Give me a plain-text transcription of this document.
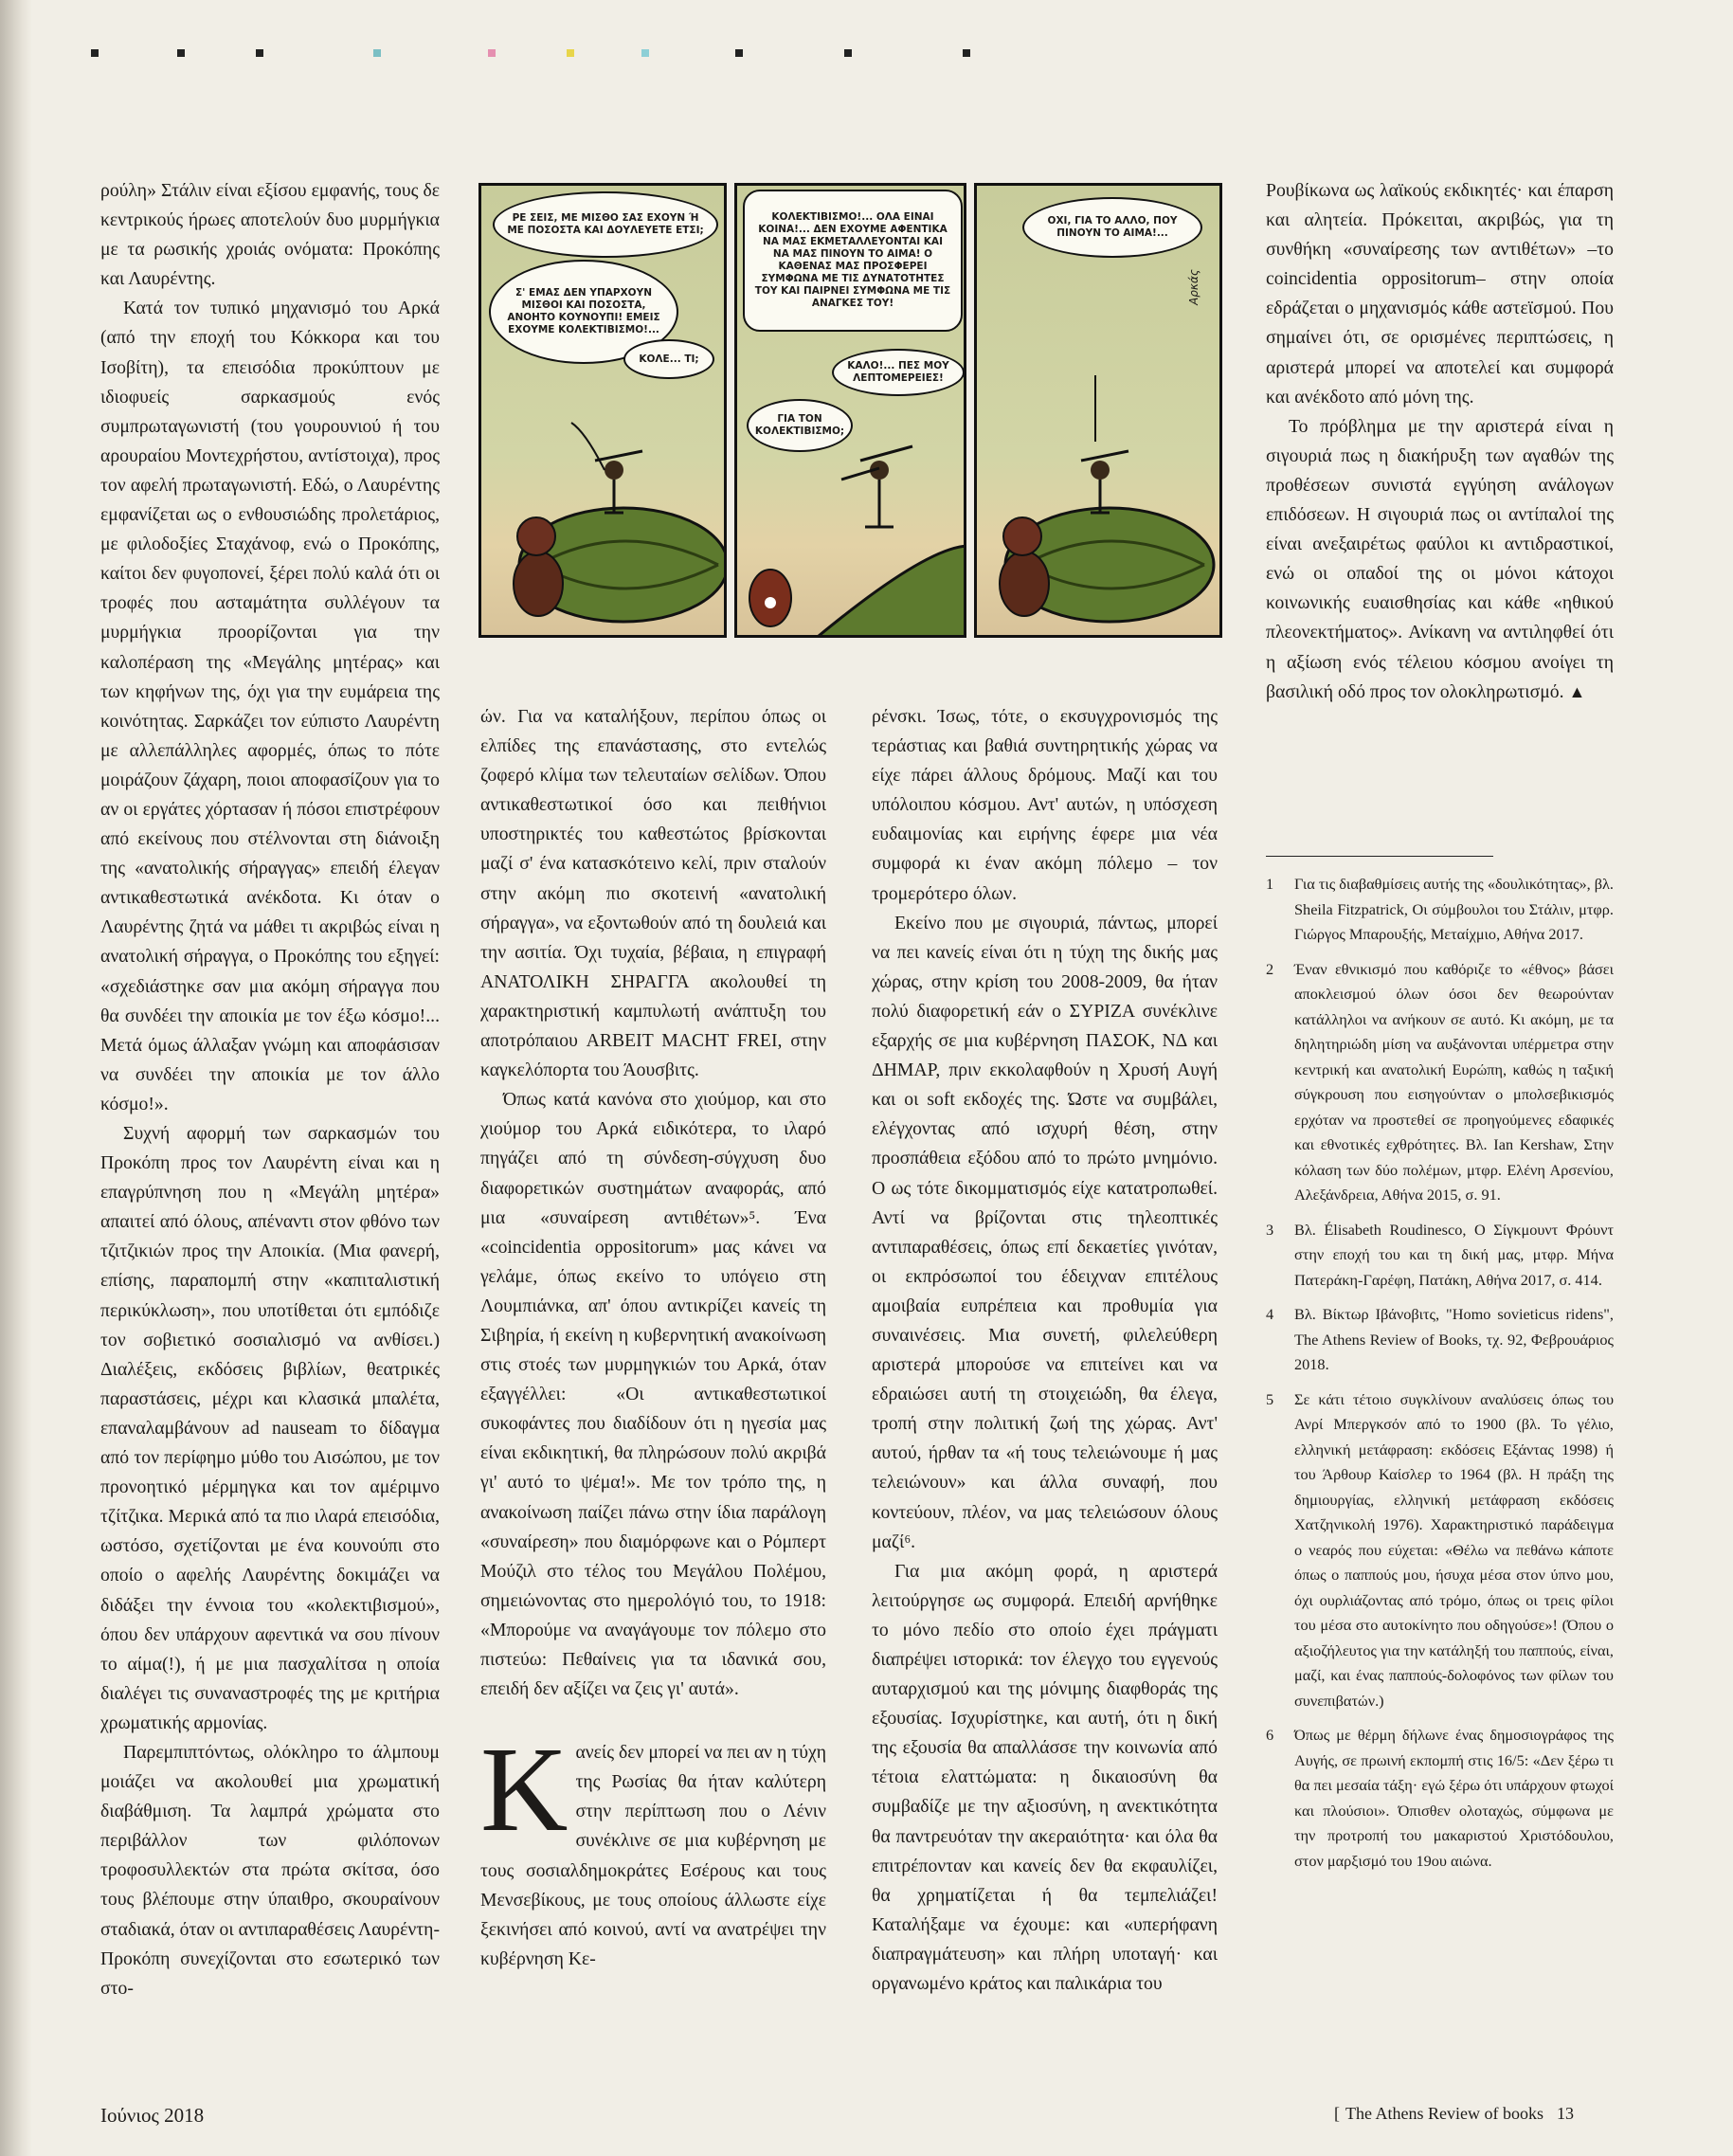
ρούλη» Στάλιν είναι εξίσου εμφανής, τους δε κεντρικούς ήρωες αποτελούν δυο μυρμήγκια με τα ρωσικής χροιάς ονόματα: Προκόπης και Λαυρέντης.

Κατά τον τυπικό μηχανισμό του Αρκά (από την εποχή του Κόκκορα και του Ισοβίτη), τα επεισόδια προκύπτουν με ιδιοφυείς σαρκασμούς ενός συμπρωταγωνιστή (του γουρουνιού ή του αρουραίου Μοντεχρήστου, αντίστοιχα), προς τον αφελή πρωταγωνιστή. Εδώ, ο Λαυρέντης εμφανίζεται ως ο ενθουσιώδης προλετάριος, με φιλοδοξίες Σταχάνοφ, ενώ ο Προκόπης, καίτοι δεν φυγοπονεί, ξέρει πολύ καλά ότι οι τροφές που ασταμάτητα συλλέγουν τα μυρμήγκια προορίζονται για την καλοπέραση της «Μεγάλης μητέρας» και των κηφήνων της, όχι για την ευμάρεια της κοινότητας. Σαρκάζει τον εύπιστο Λαυρέντη με αλλεπάλληλες αφορμές, όπως το πότε μοιράζουν ζάχαρη, ποιοι αποφασίζουν για το αν οι εργάτες χόρτασαν ή πόσοι επιστρέφουν από εκείνους που στέλνονται στη διάνοιξη της «ανατολικής σήραγγας» επειδή έλεγαν αντικαθεστωτικά ανέκδοτα. Κι όταν ο Λαυρέντης ζητά να μάθει τι ακριβώς είναι η ανατολική σήραγγα, ο Προκόπης του εξηγεί: «σχεδιάστηκε σαν μια ακόμη σήραγγα που θα συνδέει την αποικία με τον έξω κόσμο!... Μετά όμως άλλαξαν γνώμη και αποφάσισαν να συνδέει την αποικία με τον άλλο κόσμο!».

Συχνή αφορμή των σαρκασμών του Προκόπη προς τον Λαυρέντη είναι και η επαγρύπνηση που η «Μεγάλη μητέρα» απαιτεί από όλους, απέναντι στον φθόνο των τζιτζικιών προς την Αποικία. (Μια φανερή, επίσης, παραπομπή στην «καπιταλιστική περικύκλωση», που υποτίθεται ότι εμπόδιζε τον σοβιετικό σοσιαλισμό να ανθίσει.) Διαλέξεις, εκδόσεις βιβλίων, θεατρικές παραστάσεις, μέχρι και κλασικά μπαλέτα, επαναλαμβάνουν ad nauseam το δίδαγμα από τον περίφημο μύθο του Αισώπου, με τον προνοητικό μέρμηγκα και τον αμέριμνο τζίτζικα. Μερικά από τα πιο ιλαρά επεισόδια, ωστόσο, σχετίζονται με ένα κουνούπι στο οποίο ο αφελής Λαυρέντης δοκιμάζει να διδάξει την έννοια του «κολεκτιβισμού», όπου δεν υπάρχουν αφεντικά να σου πίνουν το αίμα(!), ή με μια πασχαλίτσα η οποία διαλέγει τις συναναστροφές της με κριτήρια χρωματικής αρμονίας.

Παρεμπιπτόντως, ολόκληρο το άλμπουμ μοιάζει να ακολουθεί μια χρωματική διαβάθμιση. Τα λαμπρά χρώματα στο περιβάλλον των φιλόπονων τροφοσυλλεκτών στα πρώτα σκίτσα, όσο τους βλέπουμε στην ύπαιθρο, σκουραίνουν σταδιακά, όταν οι αντιπαραθέσεις Λαυρέντη-Προκόπη συνεχίζονται στο εσωτερικό των στο-

ΡΕ ΣΕΙΣ, ΜΕ ΜΙΣΘΟ ΣΑΣ ΕΧΟΥΝ Ή ΜΕ ΠΟΣΟΣΤΑ ΚΑΙ ΔΟΥΛΕΥΕΤΕ ΕΤΣΙ;
Σ' ΕΜΑΣ ΔΕΝ ΥΠΑΡΧΟΥΝ ΜΙΣΘΟΙ ΚΑΙ ΠΟΣΟΣΤΑ, ΑΝΟΗΤΟ ΚΟΥΝΟΥΠΙ! ΕΜΕΙΣ ΕΧΟΥΜΕ ΚΟΛΕΚΤΙΒΙΣΜΟ!...
ΚΟΛΕ... ΤΙ;
ΚΟΛΕΚΤΙΒΙΣΜΟ!... ΟΛΑ ΕΙΝΑΙ ΚΟΙΝΑ!... ΔΕΝ ΕΧΟΥΜΕ ΑΦΕΝΤΙΚΑ ΝΑ ΜΑΣ ΕΚΜΕΤΑΛΛΕΥΟΝΤΑΙ ΚΑΙ ΝΑ ΜΑΣ ΠΙΝΟΥΝ ΤΟ ΑΙΜΑ! Ο ΚΑΘΕΝΑΣ ΜΑΣ ΠΡΟΣΦΕΡΕΙ ΣΥΜΦΩΝΑ ΜΕ ΤΙΣ ΔΥΝΑΤΟΤΗΤΕΣ ΤΟΥ ΚΑΙ ΠΑΙΡΝΕΙ ΣΥΜΦΩΝΑ ΜΕ ΤΙΣ ΑΝΑΓΚΕΣ ΤΟΥ!
ΚΑΛΟ!... ΠΕΣ ΜΟΥ ΛΕΠΤΟΜΕΡΕΙΕΣ!
ΓΙΑ ΤΟΝ ΚΟΛΕΚΤΙΒΙΣΜΟ;
ΟΧΙ, ΓΙΑ ΤΟ ΑΛΛΟ, ΠΟΥ ΠΙΝΟΥΝ ΤΟ ΑΙΜΑ!...
Αρκάς

ών. Για να καταλήξουν, περίπου όπως οι ελπίδες της επανάστασης, στο εντελώς ζοφερό κλίμα των τελευταίων σελίδων. Όπου αντικαθεστωτικοί όσο και πειθήνιοι υποστηρικτές του καθεστώτος βρίσκονται μαζί σ' ένα κατασκότεινο κελί, πριν σταλούν στην ακόμη πιο σκοτεινή «ανατολική σήραγγα», να εξοντωθούν από τη δουλειά και την ασιτία. Όχι τυχαία, βέβαια, η επιγραφή ΑΝΑΤΟΛΙΚΗ ΣΗΡΑΓΓΑ ακολουθεί τη χαρακτηριστική καμπυλωτή ανάπτυξη του αποτρόπαιου ARBEIT MACHT FREI, στην καγκελόπορτα του Άουσβιτς.

Όπως κατά κανόνα στο χιούμορ, και στο χιούμορ του Αρκά ειδικότερα, το ιλαρό πηγάζει από τη σύνδεση-σύγχυση δυο διαφορετικών συστημάτων αναφοράς, από μια «συναίρεση αντιθέτων»⁵. Ένα «coincidentia oppositorum» μας κάνει να γελάμε, όπως εκείνο το υπόγειο στη Λουμπιάνκα, απ' όπου αντικρίζει κανείς τη Σιβηρία, ή εκείνη η κυβερνητική ανακοίνωση στις στοές των μυρμηγκιών του Αρκά, όταν εξαγγέλλει: «Οι αντικαθεστωτικοί συκοφάντες που διαδίδουν ότι η ηγεσία μας είναι εκδικητική, θα πληρώσουν πολύ ακριβά γι' αυτό το ψέμα!». Με τον τρόπο της, η ανακοίνωση παίζει πάνω στην ίδια παράλογη «συναίρεση» που διαμόρφωνε και ο Ρόμπερτ Μούζιλ στο τέλος του Μεγάλου Πολέμου, σημειώνοντας στο ημερολόγιό του, το 1918: «Μπορούμε να αναγάγουμε τον πόλεμο στο πιστεύω: Πεθαίνεις για τα ιδανικά σου, επειδή δεν αξίζει να ζεις γι' αυτά».

Κ ανείς δεν μπορεί να πει αν η τύχη της Ρωσίας θα ήταν καλύτερη στην περίπτωση που ο Λένιν συνέκλινε σε μια κυβέρνηση με τους σοσιαλδημοκράτες Εσέρους και τους Μενσεβίκους, με τους οποίους άλλωστε είχε ξεκινήσει από κοινού, αντί να ανατρέψει την κυβέρνηση Κε-

ρένσκι. Ίσως, τότε, ο εκσυγχρονισμός της τεράστιας και βαθιά συντηρητικής χώρας να είχε πάρει άλλους δρόμους. Μαζί και του υπόλοιπου κόσμου. Αντ' αυτών, η υπόσχεση ευδαιμονίας και ειρήνης έφερε μια νέα συμφορά κι έναν ακόμη πόλεμο – τον τρομερότερο όλων.

Εκείνο που με σιγουριά, πάντως, μπορεί να πει κανείς είναι ότι η τύχη της δικής μας χώρας, στην κρίση του 2008-2009, θα ήταν πολύ διαφορετική εάν ο ΣΥΡΙΖΑ συνέκλινε εξαρχής σε μια κυβέρνηση ΠΑΣΟΚ, ΝΔ και ΔΗΜΑΡ, πριν εκκολαφθούν η Χρυσή Αυγή και οι soft εκδοχές της. Ώστε να συμβάλει, ελέγχοντας από ισχυρή θέση, στην προσπάθεια εξόδου από το πρώτο μνημόνιο. Ο ως τότε δικομματισμός είχε κατατροπωθεί. Αντί να βρίζονται στις τηλεοπτικές αντιπαραθέσεις, όπως επί δεκαετίες γινόταν, οι εκπρόσωποί του έδειχναν επιτέλους αμοιβαία ευπρέπεια και προθυμία για συναινέσεις. Μια συνετή, φιλελεύθερη αριστερά μπορούσε να επιτείνει και να εδραιώσει αυτή τη στοιχειώδη, θα έλεγα, τροπή στην πολιτική ζωή της χώρας. Αντ' αυτού, ήρθαν τα «ή τους τελειώνουμε ή μας τελειώνουν» και άλλα συναφή, που κοντεύουν, πλέον, να μας τελειώσουν όλους μαζί⁶.

Για μια ακόμη φορά, η αριστερά λειτούργησε ως συμφορά. Επειδή αρνήθηκε το μόνο πεδίο στο οποίο έχει πράγματι διαπρέψει ιστορικά: τον έλεγχο του εγγενούς αυταρχισμού και της μόνιμης διαφθοράς της εξουσίας. Ισχυρίστηκε, και αυτή, ότι η δική της εξουσία θα απαλλάσσε την κοινωνία από τέτοια ελαττώματα: η δικαιοσύνη θα συμβαδίζε με την αξιοσύνη, η ανεκτικότητα θα παντρευόταν την ακεραιότητα· και όλα θα επιτρέπονταν και κανείς δεν θα εκφαυλίζει, θα χρηματίζεται ή θα τεμπελιάζει! Καταλήξαμε να έχουμε: και «υπερήφανη διαπραγμάτευση» και πλήρη υποταγή· και οργανωμένο κράτος και παλικάρια του

Ρουβίκωνα ως λαϊκούς εκδικητές· και έπαρση και αλητεία. Πρόκειται, ακριβώς, για τη συνθήκη «συναίρεσης των αντιθέτων» –το coincidentia oppositorum– στην οποία εδράζεται ο μηχανισμός κάθε αστεϊσμού. Που σημαίνει ότι, σε ορισμένες περιπτώσεις, η αριστερά μπορεί να αποτελεί και συμφορά και ανέκδοτο από μόνη της.

Το πρόβλημα με την αριστερά είναι η σιγουριά πως η διακήρυξη των αγαθών της προθέσεων συνιστά εγγύηση ανάλογων επιδόσεων. Η σιγουριά πως οι αντίπαλοί της είναι ανεξαιρέτως φαύλοι κι αντιδραστικοί, ενώ οι οπαδοί της οι μόνοι κάτοχοι κοινωνικής ευαισθησίας και κάθε «ηθικού πλεονεκτήματος». Ανίκανη να αντιληφθεί ότι η αξίωση ενός τέλειου κόσμου ανοίγει τη βασιλική οδό προς τον ολοκληρωτισμό. ▲

1 Για τις διαβαθμίσεις αυτής της «δουλικότητας», βλ. Sheila Fitzpatrick, Οι σύμβουλοι του Στάλιν, μτφρ. Γιώργος Μπαρουξής, Μεταίχμιο, Αθήνα 2017.
2 Έναν εθνικισμό που καθόριζε το «έθνος» βάσει αποκλεισμού όλων όσοι δεν θεωρούνταν κατάλληλοι να ανήκουν σε αυτό. Κι ακόμη, με τα δηλητηριώδη μίση να αυξάνονται υπέρμετρα στην κεντρική και ανατολική Ευρώπη, καθώς η ταξική σύγκρουση που εισηγούνταν ο μπολσεβικισμός ερχόταν να προστεθεί σε προηγούμενες εδαφικές και εθνοτικές εχθρότητες. Βλ. Ian Kershaw, Στην κόλαση των δύο πολέμων, μτφρ. Ελένη Αρσενίου, Αλεξάνδρεια, Αθήνα 2015, σ. 91.
3 Βλ. Élisabeth Roudinesco, Ο Σίγκμουντ Φρόυντ στην εποχή του και τη δική μας, μτφρ. Μήνα Πατεράκη-Γαρέφη, Πατάκη, Αθήνα 2017, σ. 414.
4 Βλ. Βίκτωρ Ιβάνοβιτς, "Homo sovieticus ridens", The Athens Review of Books, τχ. 92, Φεβρουάριος 2018.
5 Σε κάτι τέτοιο συγκλίνουν αναλύσεις όπως του Ανρί Μπεργκσόν από το 1900 (βλ. Το γέλιο, ελληνική μετάφραση: εκδόσεις Εξάντας 1998) ή του Άρθουρ Καίσλερ το 1964 (βλ. Η πράξη της δημιουργίας, ελληνική μετάφραση εκδόσεις Χατζηνικολή 1976). Χαρακτηριστικό παράδειγμα ο νεαρός που εύχεται: «Θέλω να πεθάνω κάποτε όπως ο παππούς μου, ήσυχα μέσα στον ύπνο μου, όχι ουρλιάζοντας από τρόμο, όπως οι τρεις φίλοι του μέσα στο αυτοκίνητο που οδηγούσε»! (Όπου ο αξιοζήλευτος για την κατάληξή του παππούς, είναι, μαζί, και ένας παππούς-δολοφόνος των φίλων του συνεπιβατών.)
6 Όπως με θέρμη δήλωνε ένας δημοσιογράφος της Αυγής, σε πρωινή εκπομπή στις 16/5: «Δεν ξέρω τι θα πει μεσαία τάξη· εγώ ξέρω ότι υπάρχουν φτωχοί και πλούσιοι». Όπισθεν ολοταχώς, σύμφωνα με την προτροπή του μακαριστού Χριστόδουλου, στον μαρξισμό του 19ου αιώνα.
Ιούνιος 2018	[ The Athens Review of books 13
